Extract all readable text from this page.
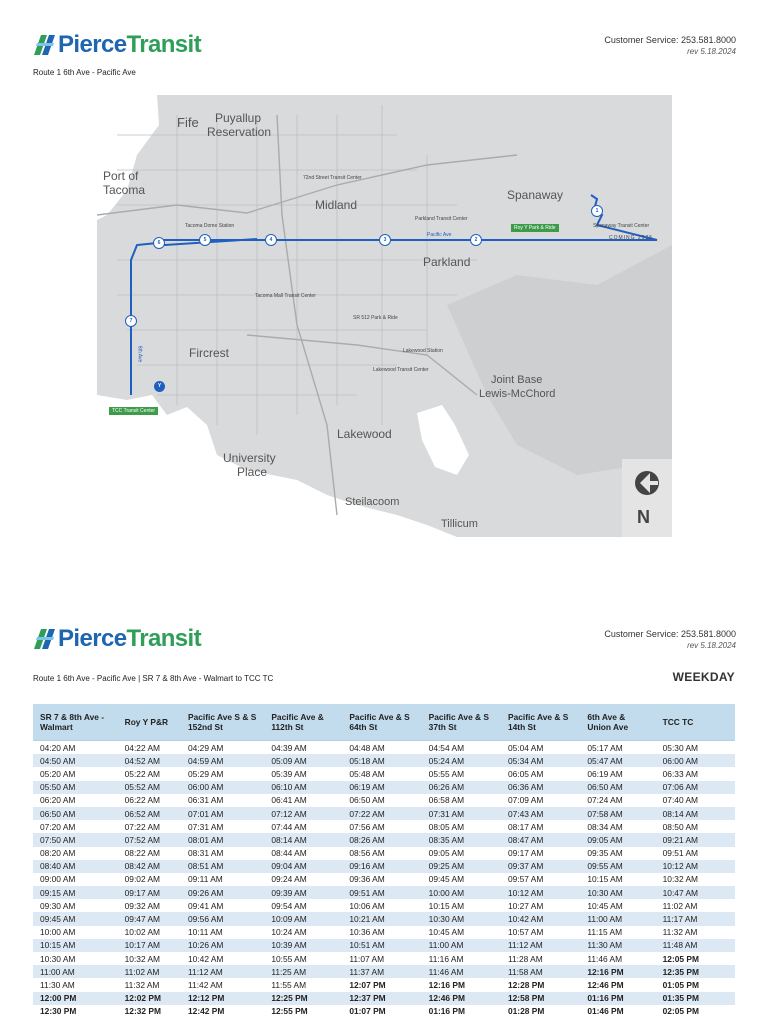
PierceTransit	Customer Service: 253.581.8000
rev 5.18.2024
Route 1 6th Ave - Pacific Ave
Fife Puyallup
Reservation
Port of
Tacoma
Midland
Spanaway
Parkland
Fircrest
Joint Base
Lewis-McChord
Lakewood
University
Place
Steilacoom
Tillicum
72nd Street Transit Center
Parkland Transit Center
Roy Y Park & Ride	Spanaway Transit Center
COMING 2025
Tacoma Dome Station
Tacoma Mall Transit Center
SR 512 Park & Ride
Lakewood Station
Lakewood Transit Center
TCC Transit Center
Pacific Ave
6th Ave
1
2
3
4
5
6
7
Y
N
PierceTransit	Customer Service: 253.581.8000
rev 5.18.2024
Route 1 6th Ave - Pacific Ave | SR 7 & 8th Ave - Walmart to TCC TC	WEEKDAY
SR 7 & 8th Ave - Walmart	Roy Y P&R	Pacific Ave S & S 152nd St	Pacific Ave & 112th St	Pacific Ave & S 64th St	Pacific Ave & S 37th St	Pacific Ave & S 14th St	6th Ave & Union Ave	TCC TC
04:20 AM	04:22 AM	04:29 AM	04:39 AM	04:48 AM	04:54 AM	05:04 AM	05:17 AM	05:30 AM
04:50 AM	04:52 AM	04:59 AM	05:09 AM	05:18 AM	05:24 AM	05:34 AM	05:47 AM	06:00 AM
05:20 AM	05:22 AM	05:29 AM	05:39 AM	05:48 AM	05:55 AM	06:05 AM	06:19 AM	06:33 AM
05:50 AM	05:52 AM	06:00 AM	06:10 AM	06:19 AM	06:26 AM	06:36 AM	06:50 AM	07:06 AM
06:20 AM	06:22 AM	06:31 AM	06:41 AM	06:50 AM	06:58 AM	07:09 AM	07:24 AM	07:40 AM
06:50 AM	06:52 AM	07:01 AM	07:12 AM	07:22 AM	07:31 AM	07:43 AM	07:58 AM	08:14 AM
07:20 AM	07:22 AM	07:31 AM	07:44 AM	07:56 AM	08:05 AM	08:17 AM	08:34 AM	08:50 AM
07:50 AM	07:52 AM	08:01 AM	08:14 AM	08:26 AM	08:35 AM	08:47 AM	09:05 AM	09:21 AM
08:20 AM	08:22 AM	08:31 AM	08:44 AM	08:56 AM	09:05 AM	09:17 AM	09:35 AM	09:51 AM
08:40 AM	08:42 AM	08:51 AM	09:04 AM	09:16 AM	09:25 AM	09:37 AM	09:55 AM	10:12 AM
09:00 AM	09:02 AM	09:11 AM	09:24 AM	09:36 AM	09:45 AM	09:57 AM	10:15 AM	10:32 AM
09:15 AM	09:17 AM	09:26 AM	09:39 AM	09:51 AM	10:00 AM	10:12 AM	10:30 AM	10:47 AM
09:30 AM	09:32 AM	09:41 AM	09:54 AM	10:06 AM	10:15 AM	10:27 AM	10:45 AM	11:02 AM
09:45 AM	09:47 AM	09:56 AM	10:09 AM	10:21 AM	10:30 AM	10:42 AM	11:00 AM	11:17 AM
10:00 AM	10:02 AM	10:11 AM	10:24 AM	10:36 AM	10:45 AM	10:57 AM	11:15 AM	11:32 AM
10:15 AM	10:17 AM	10:26 AM	10:39 AM	10:51 AM	11:00 AM	11:12 AM	11:30 AM	11:48 AM
10:30 AM	10:32 AM	10:42 AM	10:55 AM	11:07 AM	11:16 AM	11:28 AM	11:46 AM	12:05 PM
11:00 AM	11:02 AM	11:12 AM	11:25 AM	11:37 AM	11:46 AM	11:58 AM	12:16 PM	12:35 PM
11:30 AM	11:32 AM	11:42 AM	11:55 AM	12:07 PM	12:16 PM	12:28 PM	12:46 PM	01:05 PM
12:00 PM	12:02 PM	12:12 PM	12:25 PM	12:37 PM	12:46 PM	12:58 PM	01:16 PM	01:35 PM
12:30 PM	12:32 PM	12:42 PM	12:55 PM	01:07 PM	01:16 PM	01:28 PM	01:46 PM	02:05 PM
